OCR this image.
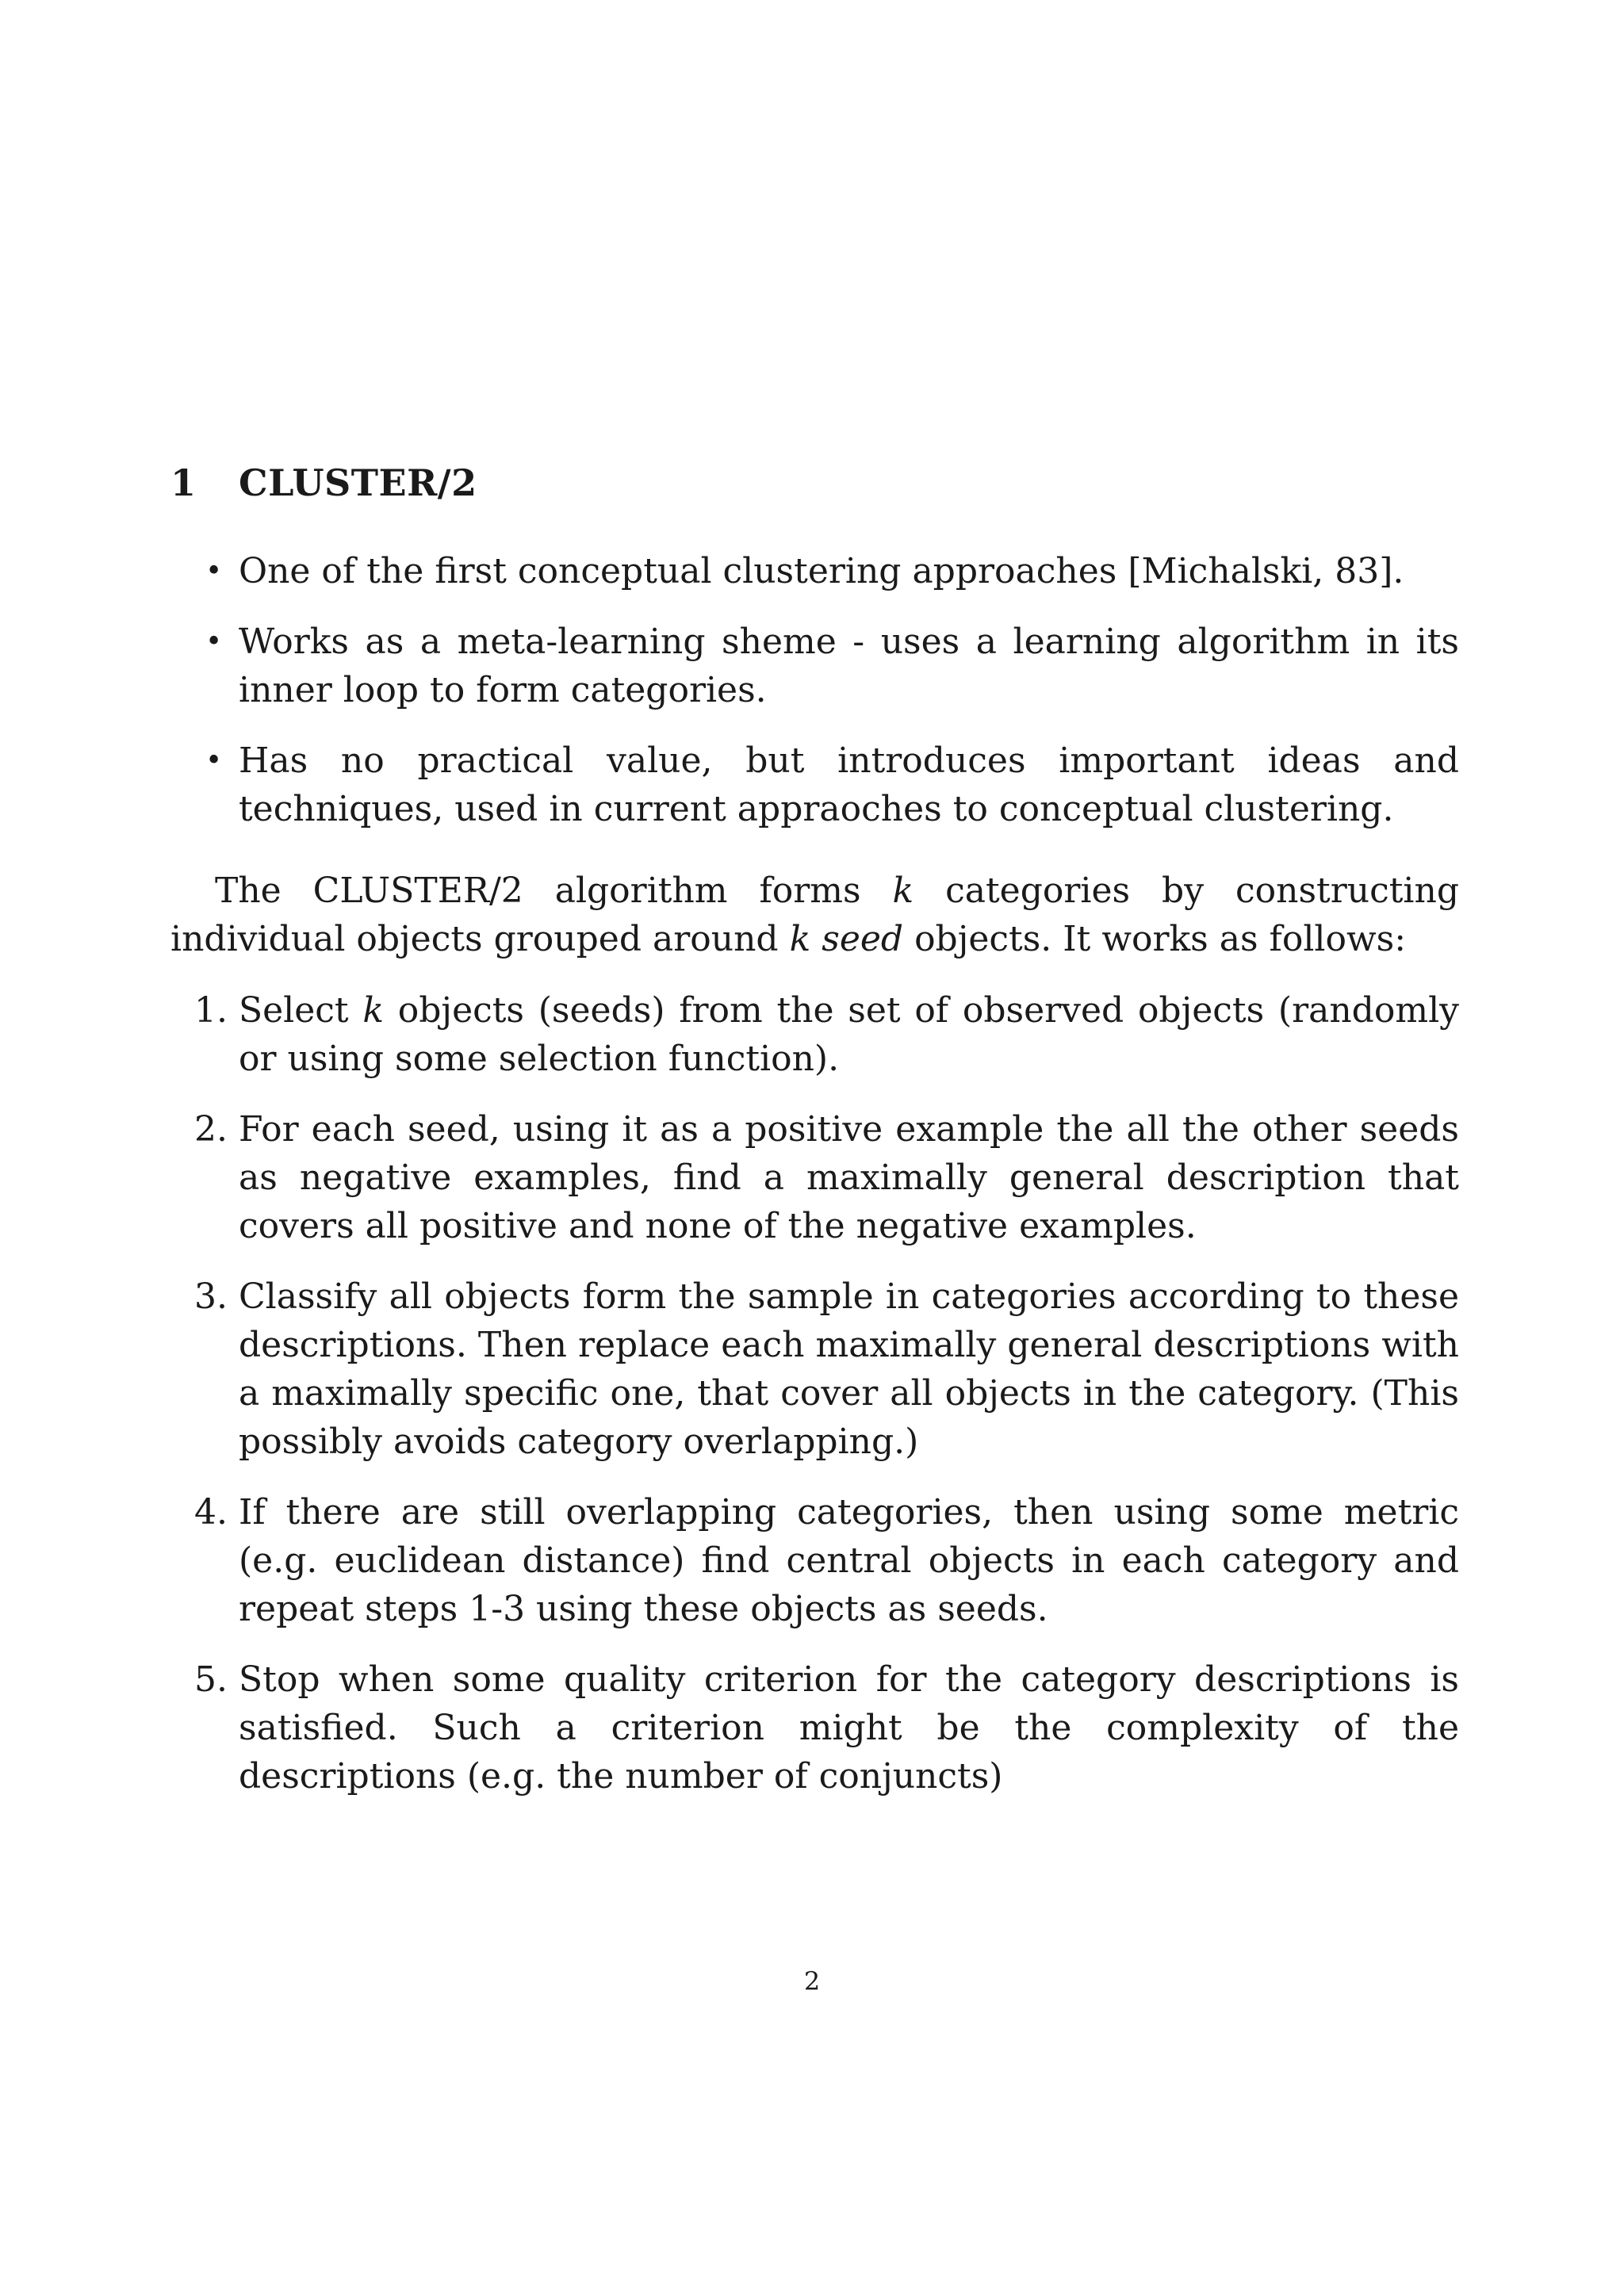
1 CLUSTER/2
• One of the first conceptual clustering approaches [Michalski, 83].
• Works as a meta-learning sheme - uses a learning algorithm in its inner loop to form categories.
• Has no practical value, but introduces important ideas and techniques, used in current appraoches to conceptual clustering.

The CLUSTER/2 algorithm forms k categories by constructing individual objects grouped around k seed objects. It works as follows:

1. Select k objects (seeds) from the set of observed objects (randomly or using some selection function).
2. For each seed, using it as a positive example the all the other seeds as negative examples, find a maximally general description that covers all positive and none of the negative examples.
3. Classify all objects form the sample in categories according to these descriptions. Then replace each maximally general descriptions with a maximally specific one, that cover all objects in the category. (This possibly avoids category overlapping.)
4. If there are still overlapping categories, then using some metric (e.g. euclidean distance) find central objects in each category and repeat steps 1-3 using these objects as seeds.
5. Stop when some quality criterion for the category descriptions is satisfied. Such a criterion might be the complexity of the descriptions (e.g. the number of conjuncts)
2
